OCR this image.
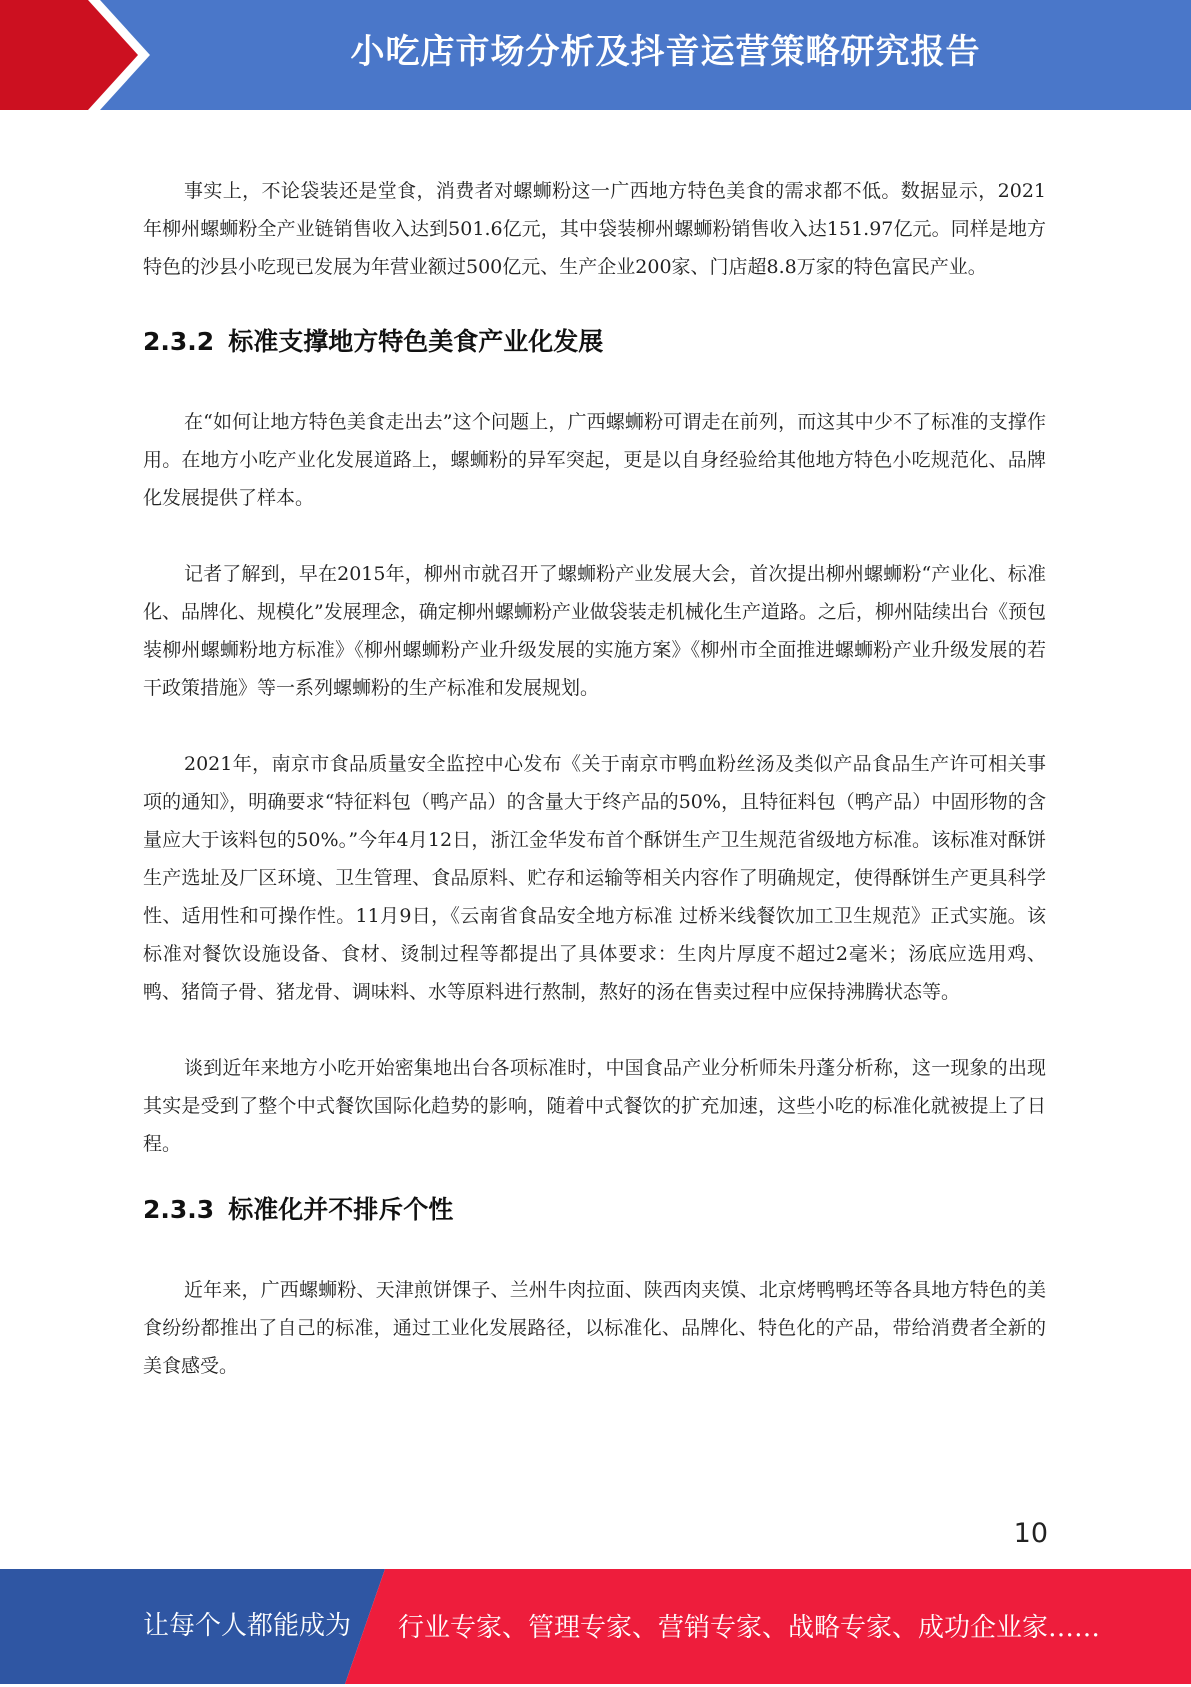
小吃店市场分析及抖音运营策略研究报告

事实上，不论袋装还是堂食，消费者对螺蛳粉这一广西地方特色美食的需求都不低。数据显示，2021年柳州螺蛳粉全产业链销售收入达到501.6亿元，其中袋装柳州螺蛳粉销售收入达151.97亿元。同样是地方特色的沙县小吃现已发展为年营业额过500亿元、生产企业200家、门店超8.8万家的特色富民产业。

2.3.2 标准支撑地方特色美食产业化发展

在“如何让地方特色美食走出去”这个问题上，广西螺蛳粉可谓走在前列，而这其中少不了标准的支撑作用。在地方小吃产业化发展道路上，螺蛳粉的异军突起，更是以自身经验给其他地方特色小吃规范化、品牌化发展提供了样本。

记者了解到，早在2015年，柳州市就召开了螺蛳粉产业发展大会，首次提出柳州螺蛳粉“产业化、标准化、品牌化、规模化”发展理念，确定柳州螺蛳粉产业做袋装走机械化生产道路。之后，柳州陆续出台《预包装柳州螺蛳粉地方标准》《柳州螺蛳粉产业升级发展的实施方案》《柳州市全面推进螺蛳粉产业升级发展的若干政策措施》等一系列螺蛳粉的生产标准和发展规划。

2021年，南京市食品质量安全监控中心发布《关于南京市鸭血粉丝汤及类似产品食品生产许可相关事项的通知》，明确要求“特征料包（鸭产品）的含量大于终产品的50%，且特征料包（鸭产品）中固形物的含量应大于该料包的50%。”今年4月12日，浙江金华发布首个酥饼生产卫生规范省级地方标准。该标准对酥饼生产选址及厂区环境、卫生管理、食品原料、贮存和运输等相关内容作了明确规定，使得酥饼生产更具科学性、适用性和可操作性。11月9日，《云南省食品安全地方标准 过桥米线餐饮加工卫生规范》正式实施。该标准对餐饮设施设备、食材、烫制过程等都提出了具体要求：生肉片厚度不超过2毫米；汤底应选用鸡、鸭、猪筒子骨、猪龙骨、调味料、水等原料进行熬制，熬好的汤在售卖过程中应保持沸腾状态等。

谈到近年来地方小吃开始密集地出台各项标准时，中国食品产业分析师朱丹蓬分析称，这一现象的出现其实是受到了整个中式餐饮国际化趋势的影响，随着中式餐饮的扩充加速，这些小吃的标准化就被提上了日程。

2.3.3 标准化并不排斥个性

近年来，广西螺蛳粉、天津煎饼馃子、兰州牛肉拉面、陕西肉夹馍、北京烤鸭鸭坯等各具地方特色的美食纷纷都推出了自己的标准，通过工业化发展路径，以标准化、品牌化、特色化的产品，带给消费者全新的美食感受。

10
让每个人都能成为 行业专家、管理专家、营销专家、战略专家、成功企业家……
